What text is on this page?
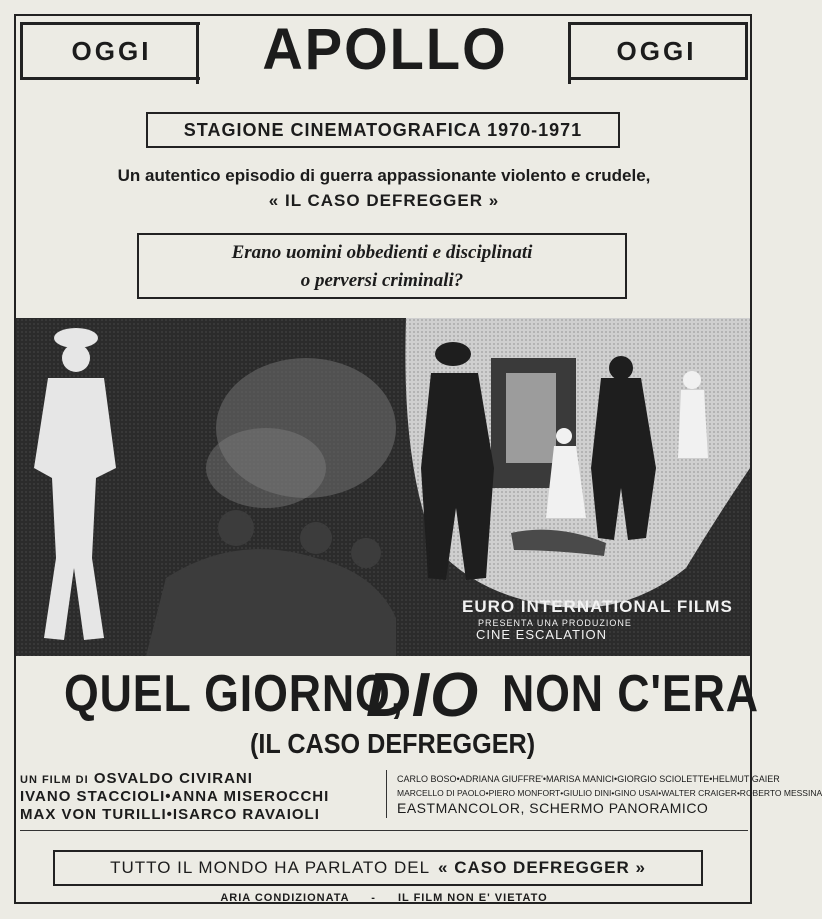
OGGI	APOLLO	OGGI
STAGIONE CINEMATOGRAFICA 1970-1971
Un autentico episodio di guerra appassionante violento e crudele,
« IL CASO DEFREGGER »
Erano uomini obbedienti e disciplinati
o perversi criminali?
EURO INTERNATIONAL FILMS
PRESENTA UNA PRODUZIONE
CINE ESCALATION
QUEL GIORNO,
DIO NON C'ERA
(IL CASO DEFREGGER)
UN FILM DI OSVALDO CIVIRANI
IVANO STACCIOLI•ANNA MISEROCCHI
MAX VON TURILLI•ISARCO RAVAIOLI
CARLO BOSO•ADRIANA GIUFFRE'•MARISA MANICI•GIORGIO SCIOLETTE•HELMUT GAIER
MARCELLO DI PAOLO•PIERO MONFORT•GIULIO DINI•GINO USAI•WALTER CRAIGER•ROBERTO MESSINA
EASTMANCOLOR, SCHERMO PANORAMICO
TUTTO IL MONDO HA PARLATO DEL « CASO DEFREGGER »
ARIA CONDIZIONATA - IL FILM NON E' VIETATO
